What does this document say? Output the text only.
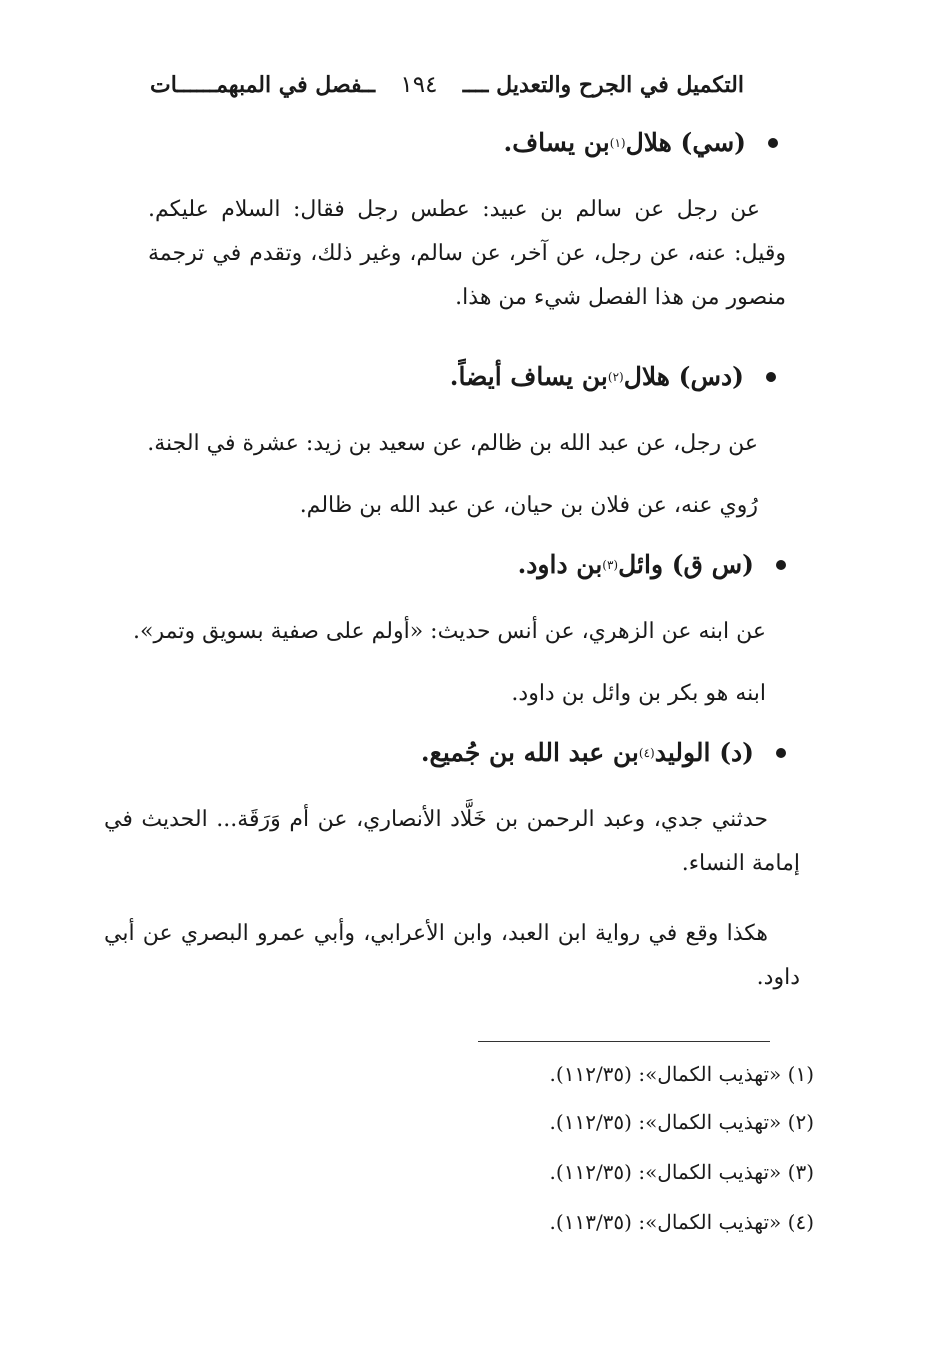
التكميل في الجرح والتعديل ــــ
١٩٤
ــفصل في المبهمــــــات
(سي) هلال
(١)
بن يساف.

عن رجل عن سالم بن عبيد: عطس رجل فقال: السلام عليكم. وقيل: عنه، عن رجل، عن آخر، عن سالم، وغير ذلك، وتقدم في ترجمة منصور من هذا الفصل شيء من هذا.

(دس) هلال
(٢)
بن يساف أيضاً.
عن رجل، عن عبد الله بن ظالم، عن سعيد بن زيد: عشرة في الجنة.
رُوي عنه، عن فلان بن حيان، عن عبد الله بن ظالم.
(س ق) وائل
(٣)
بن داود.
عن ابنه عن الزهري، عن أنس حديث: «أولم على صفية بسويق وتمر».
ابنه هو بكر بن وائل بن داود.
(د) الوليد
(٤)
بن عبد الله بن جُميع.

حدثني جدي، وعبد الرحمن بن خَلَّاد الأنصاري، عن أم وَرَقَة... الحديث في إمامة النساء.

هكذا وقع في رواية ابن العبد، وابن الأعرابي، وأبي عمرو البصري عن أبي داود.

(١) «تهذيب الكمال»: (١١٢/٣٥).
(٢) «تهذيب الكمال»: (١١٢/٣٥).
(٣) «تهذيب الكمال»: (١١٢/٣٥).
(٤) «تهذيب الكمال»: (١١٣/٣٥).
